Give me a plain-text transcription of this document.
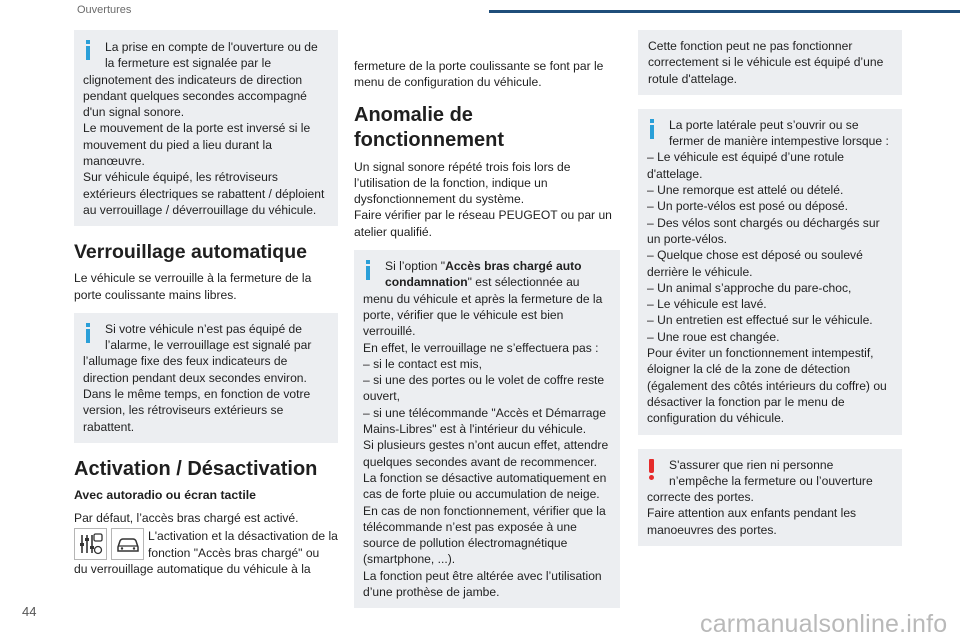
Ouvertures

La prise en compte de l'ouverture ou de la fermeture est signalée par le

clignotement des indicateurs de direction pendant quelques secondes accompagné d'un signal sonore.

Le mouvement de la porte est inversé si le mouvement du pied a lieu durant la manœuvre.

Sur véhicule équipé, les rétroviseurs extérieurs électriques se rabattent / déploient au verrouillage / déverrouillage du véhicule.

Verrouillage automatique

Le véhicule se verrouille à la fermeture de la porte coulissante mains libres.

Si votre véhicule n’est pas équipé de l’alarme, le verrouillage est signalé par

l’allumage fixe des feux indicateurs de direction pendant deux secondes environ.

Dans le même temps, en fonction de votre version, les rétroviseurs extérieurs se rabattent.

Activation / Désactivation

Avec autoradio ou écran tactile

Par défaut, l’accès bras chargé est activé.

L'activation et la désactivation de la fonction "Accès bras chargé" ou

du verrouillage automatique du véhicule à la

fermeture de la porte coulissante se font par le menu de configuration du véhicule.

Anomalie de fonctionnement

Un signal sonore répété trois fois lors de l’utilisation de la fonction, indique un dysfonctionnement du système.

Faire vérifier par le réseau PEUGEOT ou par un atelier qualifié.

Si l’option "Accès bras chargé auto condamnation" est sélectionnée au

menu du véhicule et après la fermeture de la porte, vérifier que le véhicule est bien verrouillé.

En effet, le verrouillage ne s’effectuera pas :

– si le contact est mis,

– si une des portes ou le volet de coffre reste ouvert,

– si une télécommande "Accès et Démarrage Mains-Libres" est à l'intérieur du véhicule.

Si plusieurs gestes n’ont aucun effet, attendre quelques secondes avant de recommencer.

La fonction se désactive automatiquement en cas de forte pluie ou accumulation de neige.

En cas de non fonctionnement, vérifier que la télécommande n’est pas exposée à une source de pollution électromagnétique (smartphone, ...).

La fonction peut être altérée avec l’utilisation d’une prothèse de jambe.

Cette fonction peut ne pas fonctionner correctement si le véhicule est équipé d’une rotule d'attelage.

La porte latérale peut s’ouvrir ou se fermer de manière intempestive lorsque :

– Le véhicule est équipé d’une rotule d'attelage.

– Une remorque est attelé ou dételé.

– Un porte-vélos est posé ou déposé.

– Des vélos sont chargés ou déchargés sur un porte-vélos.

– Quelque chose est déposé ou soulevé derrière le véhicule.

– Un animal s’approche du pare-choc,

– Le véhicule est lavé.

– Un entretien est effectué sur le véhicule.

– Une roue est changée.

Pour éviter un fonctionnement intempestif, éloigner la clé de la zone de détection (également des côtés intérieurs du coffre) ou désactiver la fonction par le menu de configuration du véhicule.

S'assurer que rien ni personne n’empêche la fermeture ou l’ouverture

correcte des portes.

Faire attention aux enfants pendant les manoeuvres des portes.

44	carmanualsonline.info
